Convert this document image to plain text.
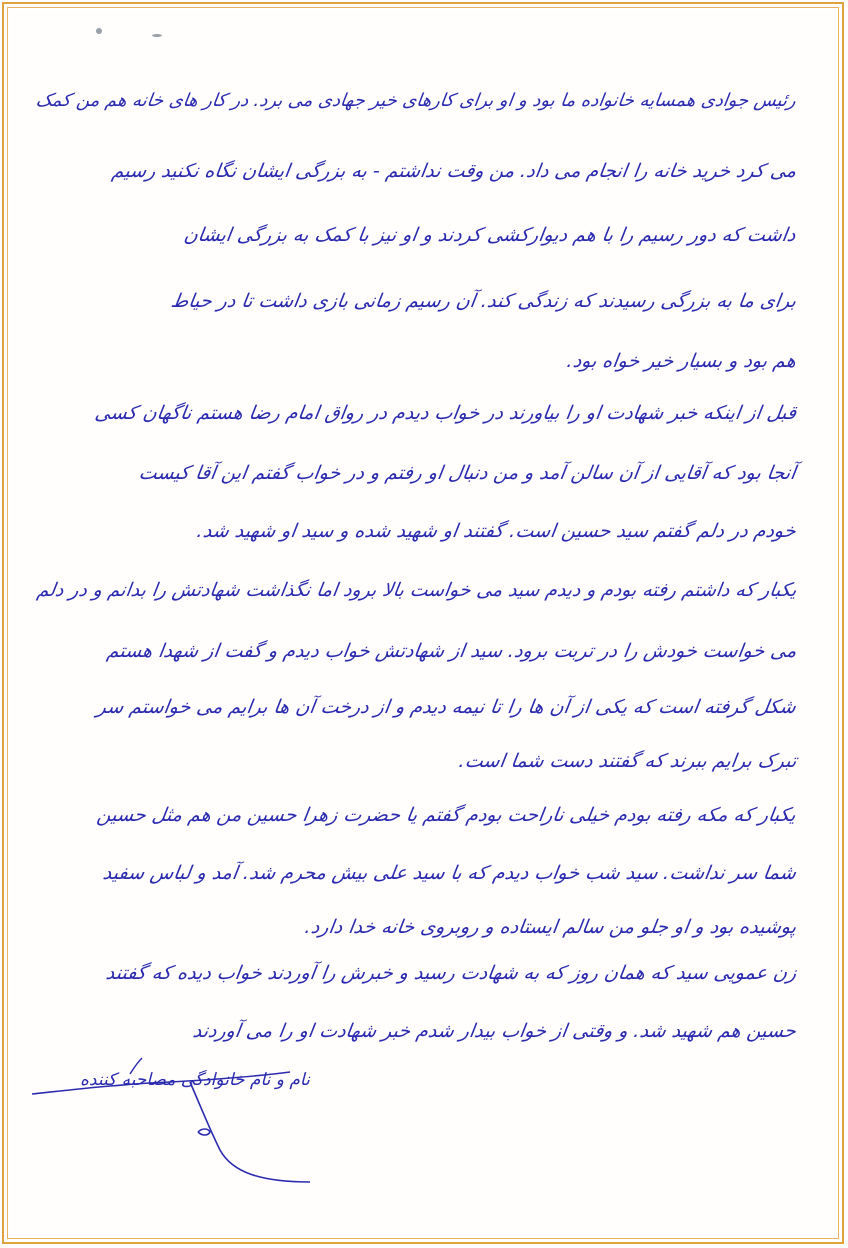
رئیس جوادی همسایه خانواده ما بود و او برای کارهای خیر جهادی می برد. در کار های خانه هم من کمک
می کرد خرید خانه را انجام می داد. من وقت نداشتم - به بزرگی ایشان نگاه نکنید رسیم
داشت که دور رسیم را با هم دیوارکشی کردند و او نیز با کمک به بزرگی ایشان
برای ما به بزرگی رسیدند که زندگی کند. آن رسیم زمانی بازی داشت تا در حیاط
هم بود و بسیار خیر خواه بود.
قبل از اینکه خبر شهادت او را بیاورند در خواب دیدم در رواق امام رضا هستم ناگهان کسی
آنجا بود که آقایی از آن سالن آمد و من دنبال او رفتم و در خواب گفتم این آقا کیست
خودم در دلم گفتم سید حسین است. گفتند او شهید شده و سید او شهید شد.
یکبار که داشتم رفته بودم و دیدم سید می خواست بالا برود اما نگذاشت شهادتش را بدانم و در دلم
می خواست خودش را در تربت برود. سید از شهادتش خواب دیدم و گفت از شهدا هستم
شکل گرفته است که یکی از آن ها را تا نیمه دیدم و از درخت آن ها برایم می خواستم سر
تبرک برایم ببرند که گفتند دست شما است.
یکبار که مکه رفته بودم خیلی ناراحت بودم گفتم یا حضرت زهرا حسین من هم مثل حسین
شما سر نداشت. سید شب خواب دیدم که با سید علی بیش محرم شد. آمد و لباس سفید
پوشیده بود و او جلو من سالم ایستاده و روبروی خانه خدا دارد.
زن عمویی سید که همان روز که به شهادت رسید و خبرش را آوردند خواب دیده که گفتند
حسین هم شهید شد. و وقتی از خواب بیدار شدم خبر شهادت او را می آوردند
نام و نام خانوادگی مصاحبه کننده
